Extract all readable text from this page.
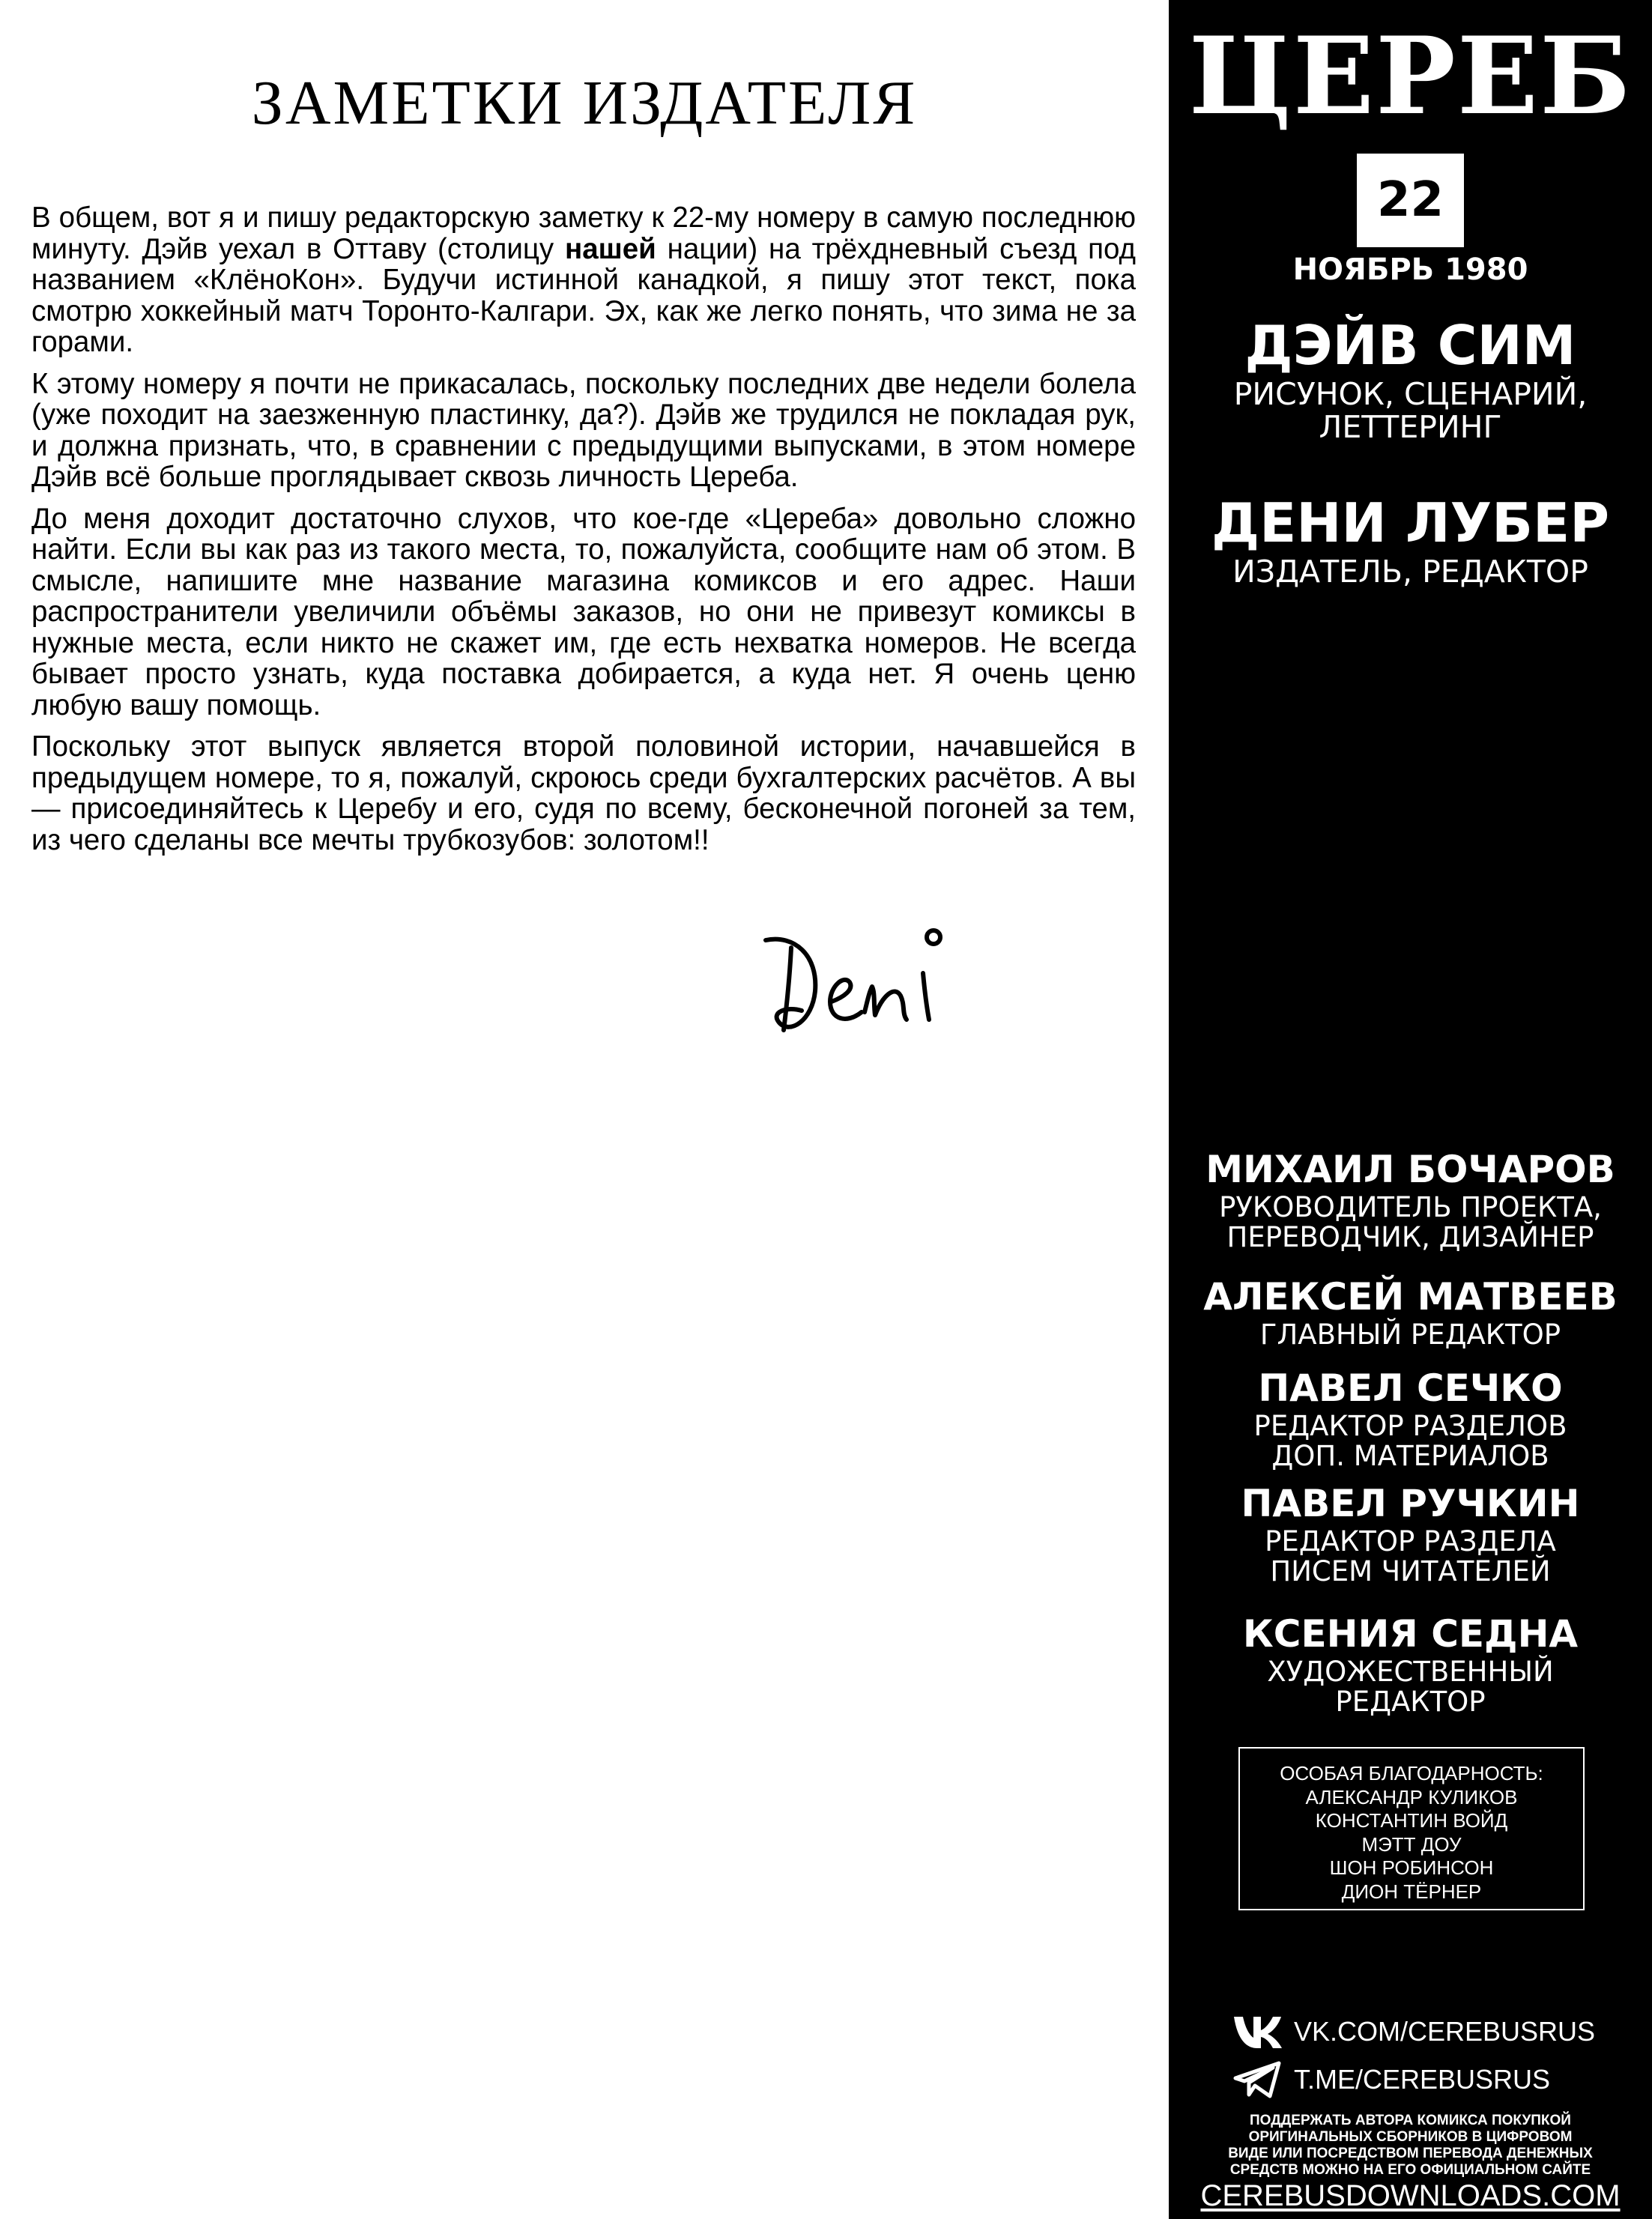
ЗАМЕТКИ ИЗДАТЕЛЯ

В общем, вот я и пишу редакторскую заметку к 22-му номеру в самую последнюю минуту. Дэйв уехал в Оттаву (столицу нашей нации) на трёхдневный съезд под названием «КлёноКон». Будучи истинной канадкой, я пишу этот текст, пока смотрю хоккейный матч Торонто-Калгари. Эх, как же легко понять, что зима не за горами.

К этому номеру я почти не прикасалась, поскольку последних две недели болела (уже походит на заезженную пластинку, да?). Дэйв же трудился не покладая рук, и должна признать, что, в сравнении с предыдущими выпусками, в этом номере Дэйв всё больше проглядывает сквозь личность Цереба.

До меня доходит достаточно слухов, что кое-где «Цереба» довольно сложно найти. Если вы как раз из такого места, то, пожалуйста, сообщите нам об этом. В смысле, напишите мне название магазина комиксов и его адрес. Наши распространители увеличили объёмы заказов, но они не привезут комиксы в нужные места, если никто не скажет им, где есть нехватка номеров. Не всегда бывает просто узнать, куда поставка добирается, а куда нет. Я очень ценю любую вашу помощь.

Поскольку этот выпуск является второй половиной истории, начавшейся в предыдущем номере, то я, пожалуй, скроюсь среди бухгалтерских расчётов. А вы — присоединяйтесь к Церебу и его, судя по всему, бесконечной погоней за тем, из чего сделаны все мечты трубкозубов: золотом!!

ЦЕРЕБ
22
НОЯБРЬ 1980
ДЭЙВ СИМ
РИСУНОК, СЦЕНАРИЙ,
ЛЕТТЕРИНГ
ДЕНИ ЛУБЕР
ИЗДАТЕЛЬ, РЕДАКТОР
МИХАИЛ БОЧАРОВ
РУКОВОДИТЕЛЬ ПРОЕКТА,
ПЕРЕВОДЧИК, ДИЗАЙНЕР
АЛЕКСЕЙ МАТВЕЕВ
ГЛАВНЫЙ РЕДАКТОР
ПАВЕЛ СЕЧКО
РЕДАКТОР РАЗДЕЛОВ
ДОП. МАТЕРИАЛОВ
ПАВЕЛ РУЧКИН
РЕДАКТОР РАЗДЕЛА
ПИСЕМ ЧИТАТЕЛЕЙ
КСЕНИЯ СЕДНА
ХУДОЖЕСТВЕННЫЙ
РЕДАКТОР
ОСОБАЯ БЛАГОДАРНОСТЬ:
АЛЕКСАНДР КУЛИКОВ
КОНСТАНТИН ВОЙД
МЭТТ ДОУ
ШОН РОБИНСОН
ДИОН ТЁРНЕР
VK.COM/CEREBUSRUS
T.ME/CEREBUSRUS
ПОДДЕРЖАТЬ АВТОРА КОМИКСА ПОКУПКОЙ
ОРИГИНАЛЬНЫХ СБОРНИКОВ В ЦИФРОВОМ
ВИДЕ ИЛИ ПОСРЕДСТВОМ ПЕРЕВОДА ДЕНЕЖНЫХ
СРЕДСТВ МОЖНО НА ЕГО ОФИЦИАЛЬНОМ САЙТЕ
CEREBUSDOWNLOADS.COM
